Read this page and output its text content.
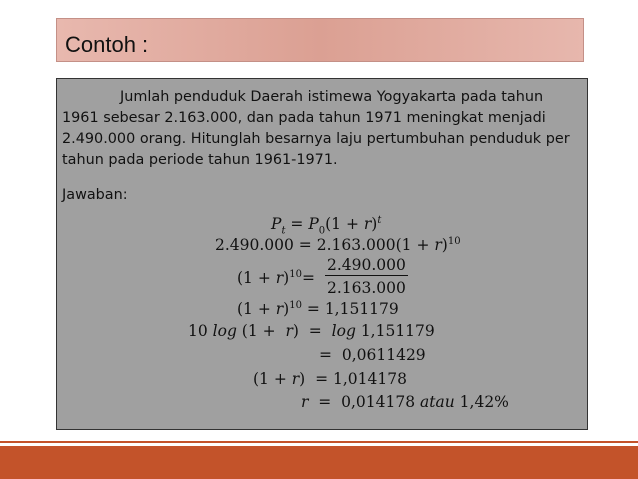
Contoh :

Jumlah penduduk Daerah istimewa Yogyakarta pada tahun 1961 sebesar 2.163.000, dan pada tahun 1971 meningkat menjadi 2.490.000 orang. Hitunglah besarnya laju pertumbuhan penduduk per tahun pada periode tahun 1961-1971.

Jawaban:
$P_t = P_0(1 + r)^t$
$2.490.000 = 2.163.000(1 + r)^{10}$
$(1 + r)^{10}= \frac{2.490.000}{2.163.000}$
$(1 + r)^{10} = 1,151179$
10 log (1 +  r)  =  log 1,151179
=  0,0611429
(1 + r)  = 1,014178
r  =  0,014178 atau 1,42%
